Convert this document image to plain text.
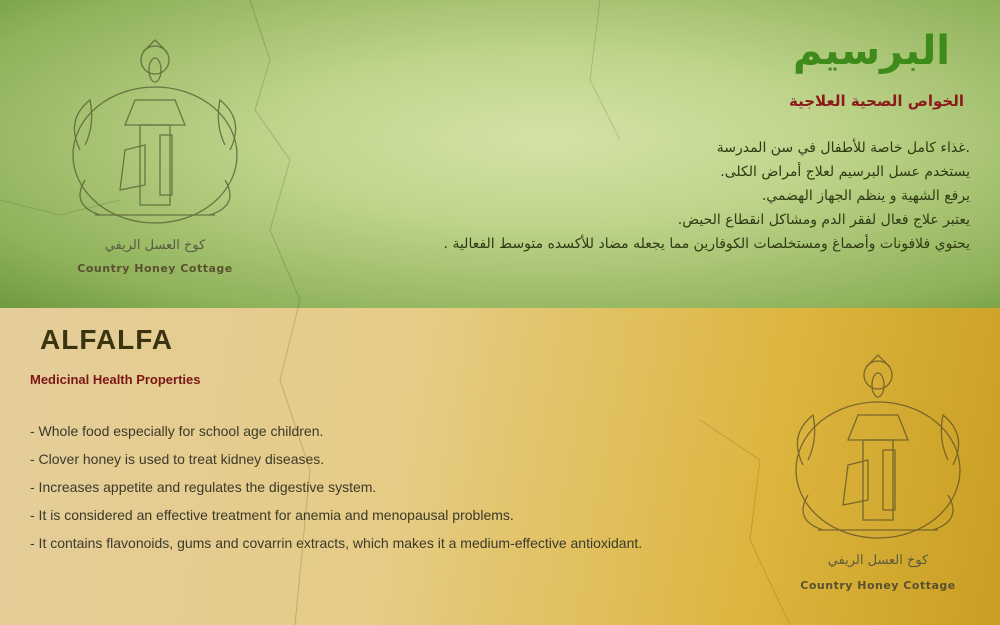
البرسيم
الخواص الصحية العلاجية
.غذاء كامل خاصة للأطفال في سن المدرسة
يستخدم عسل البرسيم لعلاج أمراض الكلى.
يرفع الشهية و ينظم الجهاز الهضمي.
يعتبر علاج فعال لفقر الدم ومشاكل انقطاع الحيض.
يحتوي فلافونات وأصماغ ومستخلصات الكوفارين مما يجعله مضاد للأكسده متوسط الفعالية .
ALFALFA
Medicinal Health Properties
- Whole food especially for school age children.
- Clover honey is used to treat kidney diseases.
- Increases appetite and regulates the digestive system.
- It is considered an effective treatment for anemia and menopausal problems.
- It contains flavonoids, gums and covarrin extracts, which makes it a medium-effective antioxidant.
كوخ العسل الريفي
Country Honey Cottage
كوخ العسل الريفي
Country Honey Cottage
